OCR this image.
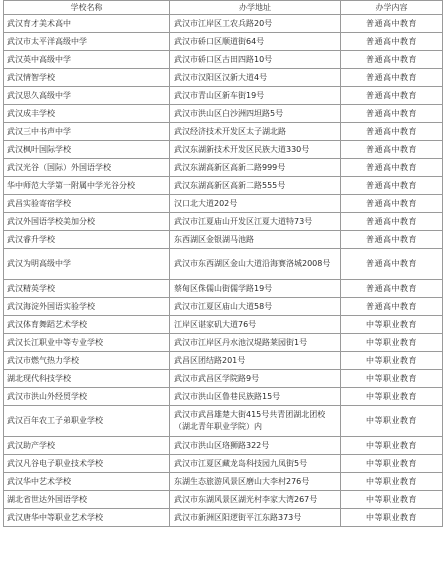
学校名称	办学地址	办学内容
武汉育才美术高中	武汉市江岸区工农兵路20号	普通高中教育
武汉市太平洋高级中学	武汉市硚口区顺道街64号	普通高中教育
武汉英中高级中学	武汉市硚口区古田四路10号	普通高中教育
武汉情智学校	武汉市汉阳区汉新大道4号	普通高中教育
武汉思久高级中学	武汉市青山区新车街19号	普通高中教育
武汉成丰学校	武汉市洪山区白沙洲四坦路5号	普通高中教育
武汉三中书声中学	武汉经济技术开发区太子湖北路	普通高中教育
武汉枫叶国际学校	武汉东湖新技术开发区民族大道330号	普通高中教育
武汉光谷（国际）外国语学校	武汉东湖高新区高新二路999号	普通高中教育
华中师范大学第一附属中学光谷分校	武汉东湖高新区高新二路555号	普通高中教育
武昌实验寄宿学校	汉口北大道202号	普通高中教育
武汉外国语学校美加分校	武汉市江夏庙山开发区江夏大道特73号	普通高中教育
武汉睿升学校	东西湖区金银湖马池路	普通高中教育
武汉为明高级中学	武汉市东西湖区金山大道沿海赛洛城2008号	普通高中教育
武汉精英学校	蔡甸区侏儒山街儒学路19号	普通高中教育
武汉海淀外国语实验学校	武汉市江夏区庙山大道58号	普通高中教育
武汉体育舞蹈艺术学校	江岸区谌家矶大道76号	中等职业教育
武汉长江职业中等专业学校	武汉市江岸区丹水池汉堤路莱园街1号	中等职业教育
武汉市燃气热力学校	武昌区团结路201号	中等职业教育
湖北现代科技学校	武汉市武昌区学院路9号	中等职业教育
武汉市洪山外经贸学校	武汉市洪山区鲁巷民族路15号	中等职业教育
武汉百年农工子弟职业学校	武汉市武昌雄楚大街415号共青团湖北团校（湖北青年职业学院）内	中等职业教育
武汉助产学校	武汉市洪山区珞狮路322号	中等职业教育
武汉凡谷电子职业技术学校	武汉市江夏区藏龙岛科技园九凤街5号	中等职业教育
武汉华中艺术学校	东湖生态旅游风景区磨山大李村276号	中等职业教育
湖北省世达外国语学校	武汉市东湖风景区湖光村李家大湾267号	中等职业教育
武汉唐华中等职业艺术学校	武汉市新洲区阳逻街平江东路373号	中等职业教育
